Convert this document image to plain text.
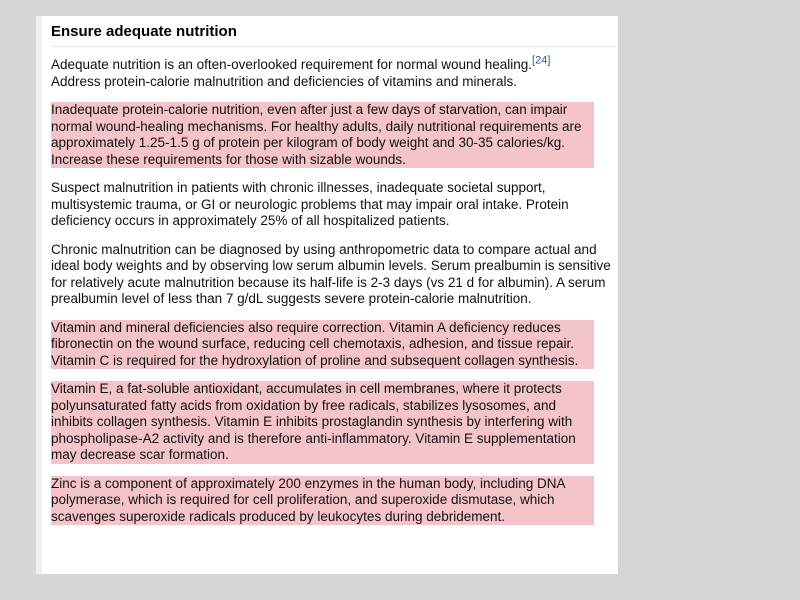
Ensure adequate nutrition

Adequate nutrition is an often-overlooked requirement for normal wound healing.[24]
Address protein-calorie malnutrition and deficiencies of vitamins and minerals.

Inadequate protein-calorie nutrition, even after just a few days of starvation, can impair normal wound-healing mechanisms. For healthy adults, daily nutritional requirements are approximately 1.25-1.5 g of protein per kilogram of body weight and 30-35 calories/kg. Increase these requirements for those with sizable wounds.

Suspect malnutrition in patients with chronic illnesses, inadequate societal support, multisystemic trauma, or GI or neurologic problems that may impair oral intake. Protein deficiency occurs in approximately 25% of all hospitalized patients.

Chronic malnutrition can be diagnosed by using anthropometric data to compare actual and ideal body weights and by observing low serum albumin levels. Serum prealbumin is sensitive for relatively acute malnutrition because its half-life is 2-3 days (vs 21 d for albumin). A serum prealbumin level of less than 7 g/dL suggests severe protein-calorie malnutrition.

Vitamin and mineral deficiencies also require correction. Vitamin A deficiency reduces fibronectin on the wound surface, reducing cell chemotaxis, adhesion, and tissue repair. Vitamin C is required for the hydroxylation of proline and subsequent collagen synthesis.

Vitamin E, a fat-soluble antioxidant, accumulates in cell membranes, where it protects polyunsaturated fatty acids from oxidation by free radicals, stabilizes lysosomes, and inhibits collagen synthesis. Vitamin E inhibits prostaglandin synthesis by interfering with phospholipase-A2 activity and is therefore anti-inflammatory. Vitamin E supplementation may decrease scar formation.

Zinc is a component of approximately 200 enzymes in the human body, including DNA polymerase, which is required for cell proliferation, and superoxide dismutase, which scavenges superoxide radicals produced by leukocytes during debridement.
